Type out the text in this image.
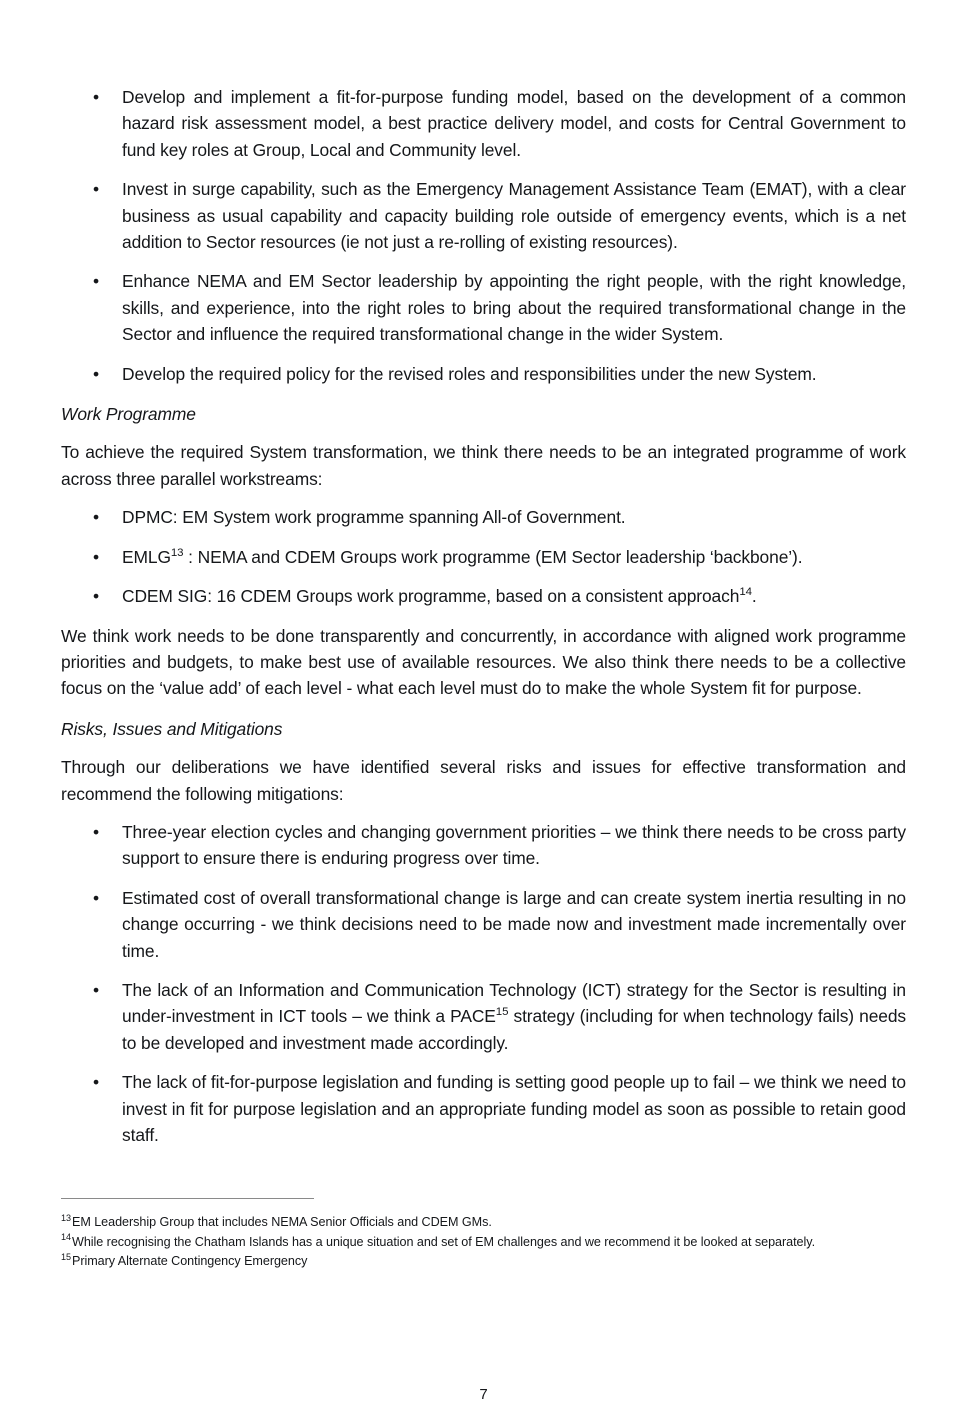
• Develop and implement a fit-for-purpose funding model, based on the development of a common hazard risk assessment model, a best practice delivery model, and costs for Central Government to fund key roles at Group, Local and Community level.
• Invest in surge capability, such as the Emergency Management Assistance Team (EMAT), with a clear business as usual capability and capacity building role outside of emergency events, which is a net addition to Sector resources (ie not just a re-rolling of existing resources).
• Enhance NEMA and EM Sector leadership by appointing the right people, with the right knowledge, skills, and experience, into the right roles to bring about the required transformational change in the Sector and influence the required transformational change in the wider System.
• Develop the required policy for the revised roles and responsibilities under the new System.

Work Programme

To achieve the required System transformation, we think there needs to be an integrated programme of work across three parallel workstreams:

• DPMC: EM System work programme spanning All-of Government.
• EMLG$^{13}$ : NEMA and CDEM Groups work programme (EM Sector leadership ‘backbone’).
• CDEM SIG: 16 CDEM Groups work programme, based on a consistent approach$^{14}$.

We think work needs to be done transparently and concurrently, in accordance with aligned work programme priorities and budgets, to make best use of available resources. We also think there needs to be a collective focus on the ‘value add’ of each level - what each level must do to make the whole System fit for purpose.

Risks, Issues and Mitigations

Through our deliberations we have identified several risks and issues for effective transformation and recommend the following mitigations:

• Three-year election cycles and changing government priorities – we think there needs to be cross party support to ensure there is enduring progress over time.
• Estimated cost of overall transformational change is large and can create system inertia resulting in no change occurring - we think decisions need to be made now and investment made incrementally over time.
• The lack of an Information and Communication Technology (ICT) strategy for the Sector is resulting in under-investment in ICT tools – we think a PACE$^{15}$ strategy (including for when technology fails) needs to be developed and investment made accordingly.
• The lack of fit-for-purpose legislation and funding is setting good people up to fail – we think we need to invest in fit for purpose legislation and an appropriate funding model as soon as possible to retain good staff.

$^{13}$EM Leadership Group that includes NEMA Senior Officials and CDEM GMs.

$^{14}$While recognising the Chatham Islands has a unique situation and set of EM challenges and we recommend it be looked at separately.

$^{15}$Primary Alternate Contingency Emergency

7
